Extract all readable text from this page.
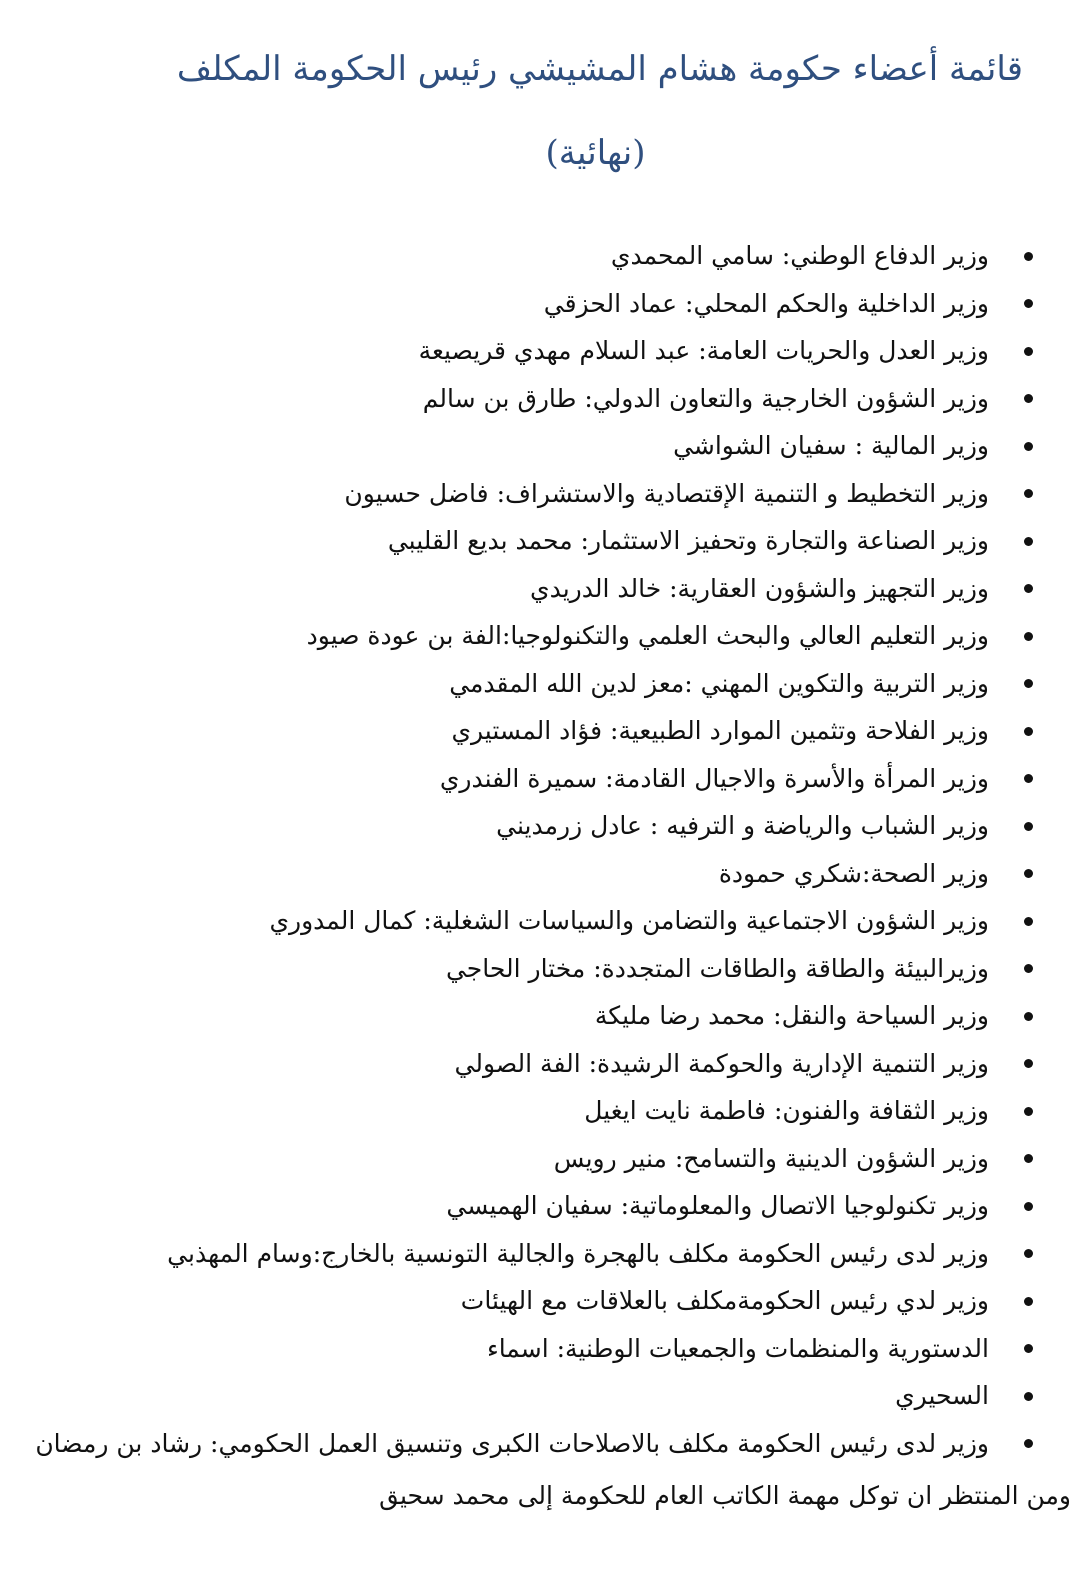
قائمة أعضاء حكومة هشام المشيشي رئيس الحكومة المكلف
(نهائية)
وزير الدفاع الوطني: سامي المحمدي
وزير الداخلية والحكم المحلي: عماد الحزقي
وزير العدل والحريات العامة: عبد السلام مهدي قريصيعة
وزير الشؤون الخارجية والتعاون الدولي: طارق بن سالم
وزير المالية : سفيان الشواشي
وزير التخطيط و التنمية الإقتصادية والاستشراف: فاضل حسيون
وزير الصناعة والتجارة وتحفيز الاستثمار: محمد بديع القليبي
وزير التجهيز والشؤون العقارية: خالد الدريدي
وزير التعليم العالي والبحث العلمي والتكنولوجيا:الفة بن عودة صيود
وزير التربية والتكوين المهني :معز لدين الله المقدمي
وزير الفلاحة وتثمين الموارد الطبيعية: فؤاد المستيري
وزير المرأة والأسرة والاجيال القادمة: سميرة الفندري
وزير الشباب والرياضة و الترفيه : عادل زرمديني
وزير الصحة:شكري حمودة
وزير الشؤون الاجتماعية والتضامن والسياسات الشغلية: كمال المدوري
وزيرالبيئة والطاقة والطاقات المتجددة: مختار الحاجي
وزير السياحة والنقل: محمد رضا مليكة
وزير التنمية الإدارية والحوكمة الرشيدة: الفة الصولي
وزير الثقافة والفنون: فاطمة نايت ايغيل
وزير الشؤون الدينية والتسامح: منير رويس
وزير تكنولوجيا الاتصال والمعلوماتية: سفيان الهميسي
وزير لدى رئيس الحكومة مكلف بالهجرة والجالية التونسية بالخارج:وسام المهذبي
وزير لدي رئيس الحكومةمكلف بالعلاقات مع الهيئات
الدستورية والمنظمات والجمعيات الوطنية: اسماء
السحيري
وزير لدى رئيس الحكومة مكلف بالاصلاحات الكبرى وتنسيق العمل الحكومي: رشاد بن رمضان
ومن المنتظر ان توكل مهمة الكاتب العام للحكومة إلى محمد سحيق
